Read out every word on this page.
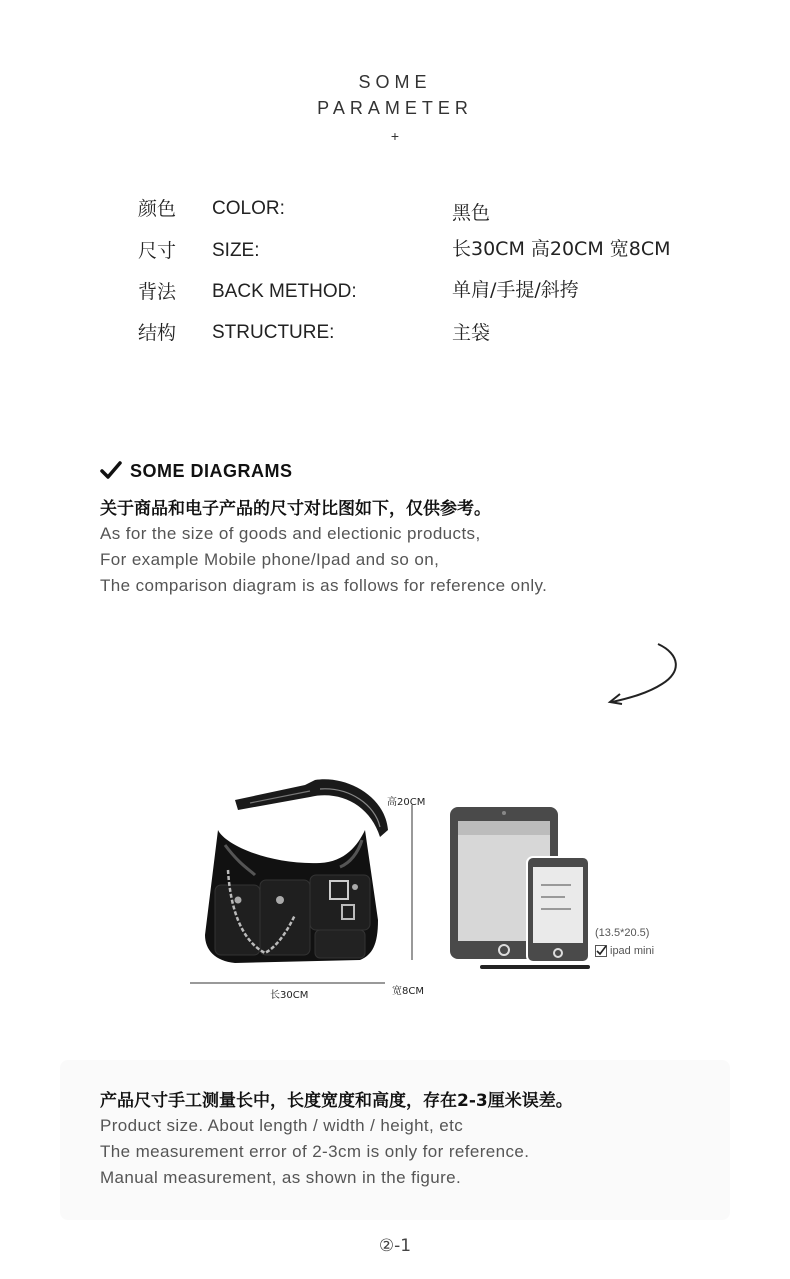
SOME
PARAMETER
+
颜色 COLOR:	黑色
尺寸 SIZE:	长30CM 高20CM 宽8CM
背法 BACK METHOD:	单肩/手提/斜挎
结构 STRUCTURE:	主袋
SOME DIAGRAMS
关于商品和电子产品的尺寸对比图如下，仅供参考。
As for the size of goods and electionic products,
For example Mobile phone/Ipad and so on,
The comparison diagram is as follows for reference only.
高20CM
长30CM	宽8CM
(13.5*20.5)
ipad mini
产品尺寸手工测量长中，长度宽度和高度，存在2-3厘米误差。
Product size. About length / width / height, etc
The measurement error of 2-3cm is only for reference.
Manual measurement, as shown in the figure.
②-1
